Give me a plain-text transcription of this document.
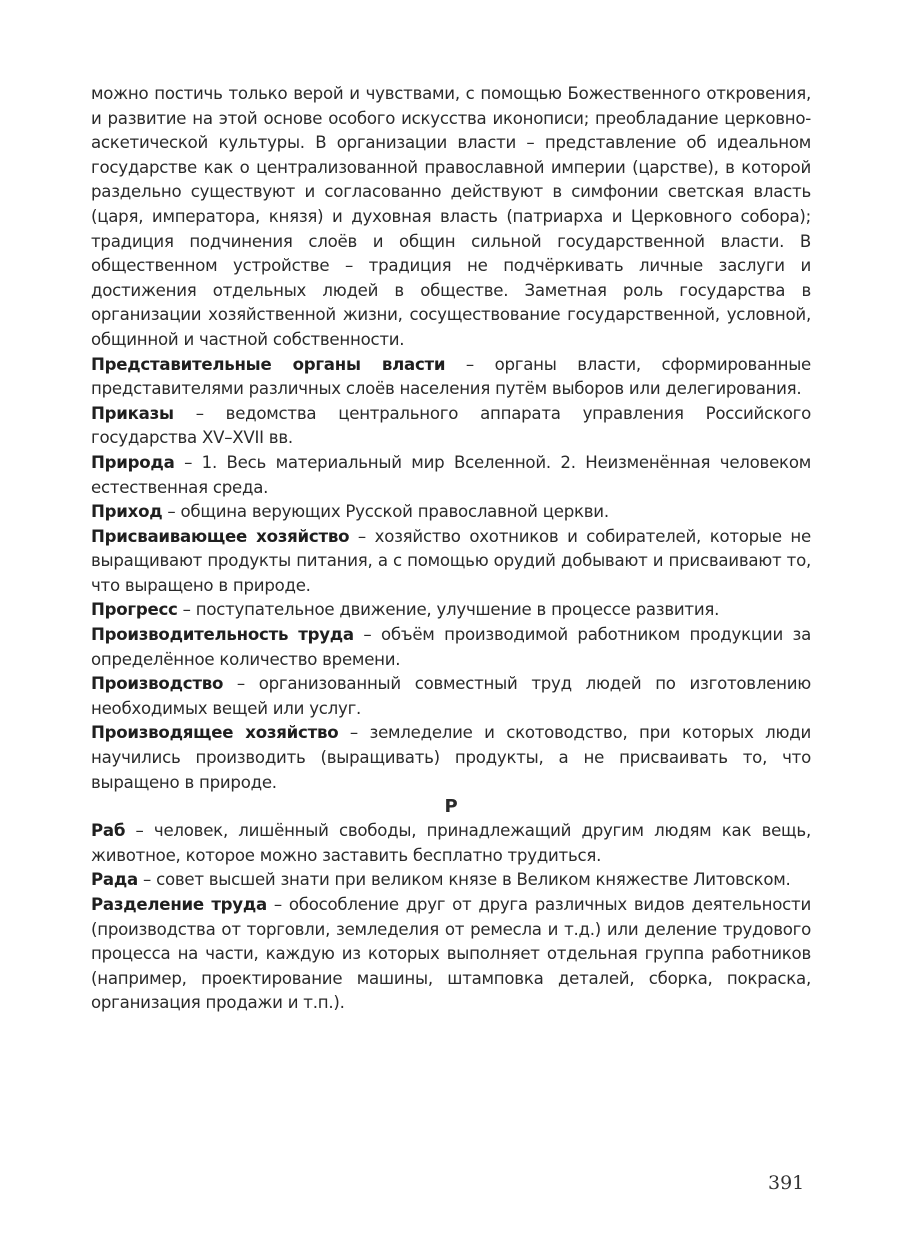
можно постичь только верой и чувствами, с помощью Божественного откровения, и развитие на этой основе особого искусства иконописи; преобладание церковно-аскетической культуры. В организации власти – представление об идеальном государстве как о централизованной православной империи (царстве), в которой раздельно существуют и согласованно действуют в симфонии светская власть (царя, императора, князя) и духовная власть (патриарха и Церковного собора); традиция подчинения слоёв и общин сильной государственной власти. В общественном устройстве – традиция не подчёркивать личные заслуги и достижения отдельных людей в обществе. Заметная роль государства в организации хозяйственной жизни, сосуществование государственной, условной, общинной и частной собственности.

Представительные органы власти – органы власти, сформированные представителями различных слоёв населения путём выборов или делегирования.

Приказы – ведомства центрального аппарата управления Российского государства XV–XVII вв.

Природа – 1. Весь материальный мир Вселенной. 2. Неизменённая человеком естественная среда.

Приход – община верующих Русской православной церкви.

Присваивающее хозяйство – хозяйство охотников и собирателей, которые не выращивают продукты питания, а с помощью орудий добывают и присваивают то, что выращено в природе.

Прогресс – поступательное движение, улучшение в процессе развития.

Производительность труда – объём производимой работником продукции за определённое количество времени.

Производство – организованный совместный труд людей по изготовлению необходимых вещей или услуг.

Производящее хозяйство – земледелие и скотоводство, при которых люди научились производить (выращивать) продукты, а не присваивать то, что выращено в природе.

Р

Раб – человек, лишённый свободы, принадлежащий другим людям как вещь, животное, которое можно заставить бесплатно трудиться.

Рада – совет высшей знати при великом князе в Великом княжестве Литовском.

Разделение труда – обособление друг от друга различных видов деятельности (производства от торговли, земледелия от ремесла и т.д.) или деление трудового процесса на части, каждую из которых выполняет отдельная группа работников (например, проектирование машины, штамповка деталей, сборка, покраска, организация продажи и т.п.).

391
